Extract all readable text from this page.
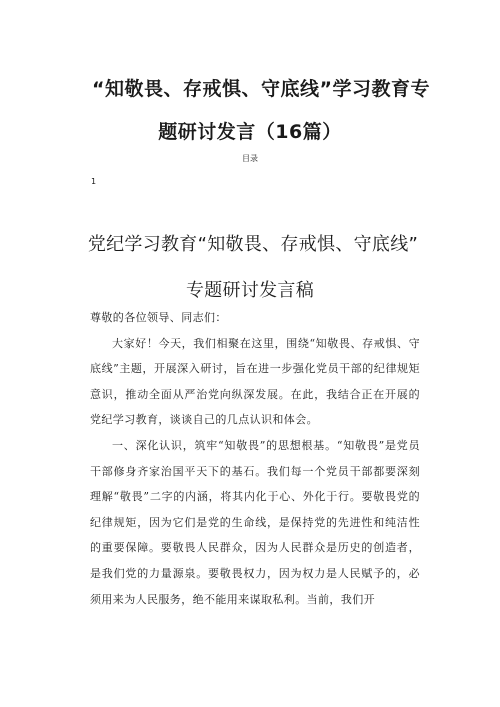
“知敬畏、存戒惧、守底线”学习教育专
题研讨发言（16篇）
目录
1
党纪学习教育“知敬畏、存戒惧、守底线”
专题研讨发言稿

尊敬的各位领导、同志们：

大家好！今天，我们相聚在这里，围绕“知敬畏、存戒惧、守底线”主题，开展深入研讨，旨在进一步强化党员干部的纪律规矩意识，推动全面从严治党向纵深发展。在此，我结合正在开展的党纪学习教育，谈谈自己的几点认识和体会。

一、深化认识，筑牢“知敬畏”的思想根基。“知敬畏”是党员干部修身齐家治国平天下的基石。我们每一个党员干部都要深刻理解“敬畏”二字的内涵，将其内化于心、外化于行。要敬畏党的纪律规矩，因为它们是党的生命线，是保持党的先进性和纯洁性的重要保障。要敬畏人民群众，因为人民群众是历史的创造者，是我们党的力量源泉。要敬畏权力，因为权力是人民赋予的，必须用来为人民服务，绝不能用来谋取私利。当前，我们开
